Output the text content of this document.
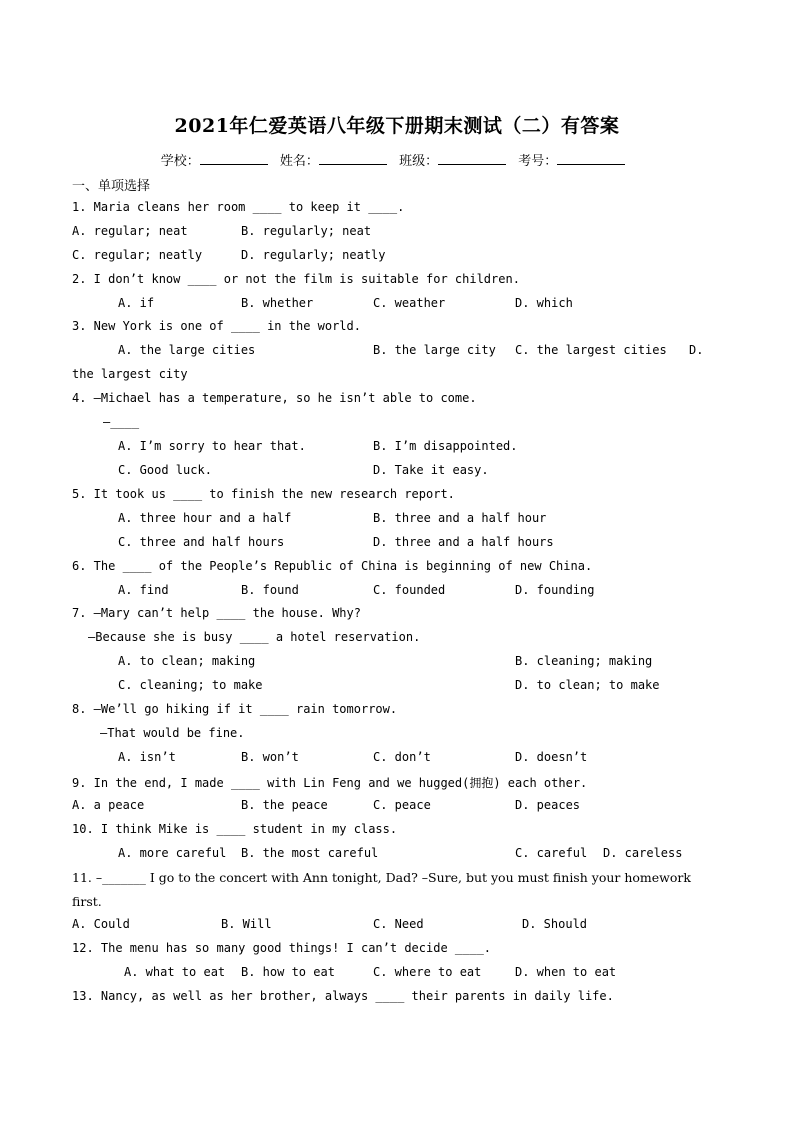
2021年仁爱英语八年级下册期末测试（二）有答案
学校：	姓名：	班级：	考号：
一、单项选择
1. Maria cleans her room ____ to keep it ____.
A. regular; neat	B. regularly; neat
C. regular; neatly	D. regularly; neatly
2. I don’t know ____ or not the film is suitable for children.
A. if	B. whether	C. weather	D. which
3. New York is one of ____ in the world.
A. the large cities	B. the large city C. the largest cities D.
the largest city
4. —Michael has a temperature, so he isn’t able to come.
—____
A. I’m sorry to hear that.	B. I’m disappointed.
C. Good luck.	D. Take it easy.
5. It took us ____ to finish the new research report.
A. three hour and a half	B. three and a half hour
C. three and half hours	D. three and a half hours
6. The ____ of the People’s Republic of China is beginning of new China.
A. find	B. found	C. founded	D. founding
7. —Mary can’t help ____ the house. Why?
—Because she is busy ____ a hotel reservation.
A. to clean; making	B. cleaning; making
C. cleaning; to make	D. to clean; to make
8. —We’ll go hiking if it ____ rain tomorrow.
—That would be fine.
A. isn’t	B. won’t	C. don’t	D. doesn’t
9. In the end, I made ____ with Lin Feng and we hugged(拥抱) each other.
A. a peace	B. the peace	C. peace	D. peaces
10. I think Mike is ____ student in my class.
A. more careful B. the most careful	C. careful D. careless
11. –_______ I go to the concert with Ann tonight, Dad? –Sure, but you must finish your homework
first.
A. Could	B. Will	C. Need	D. Should
12. The menu has so many good things! I can’t decide ____.
A. what to eat B. how to eat	C. where to eat	D. when to eat
13. Nancy, as well as her brother, always ____ their parents in daily life.
